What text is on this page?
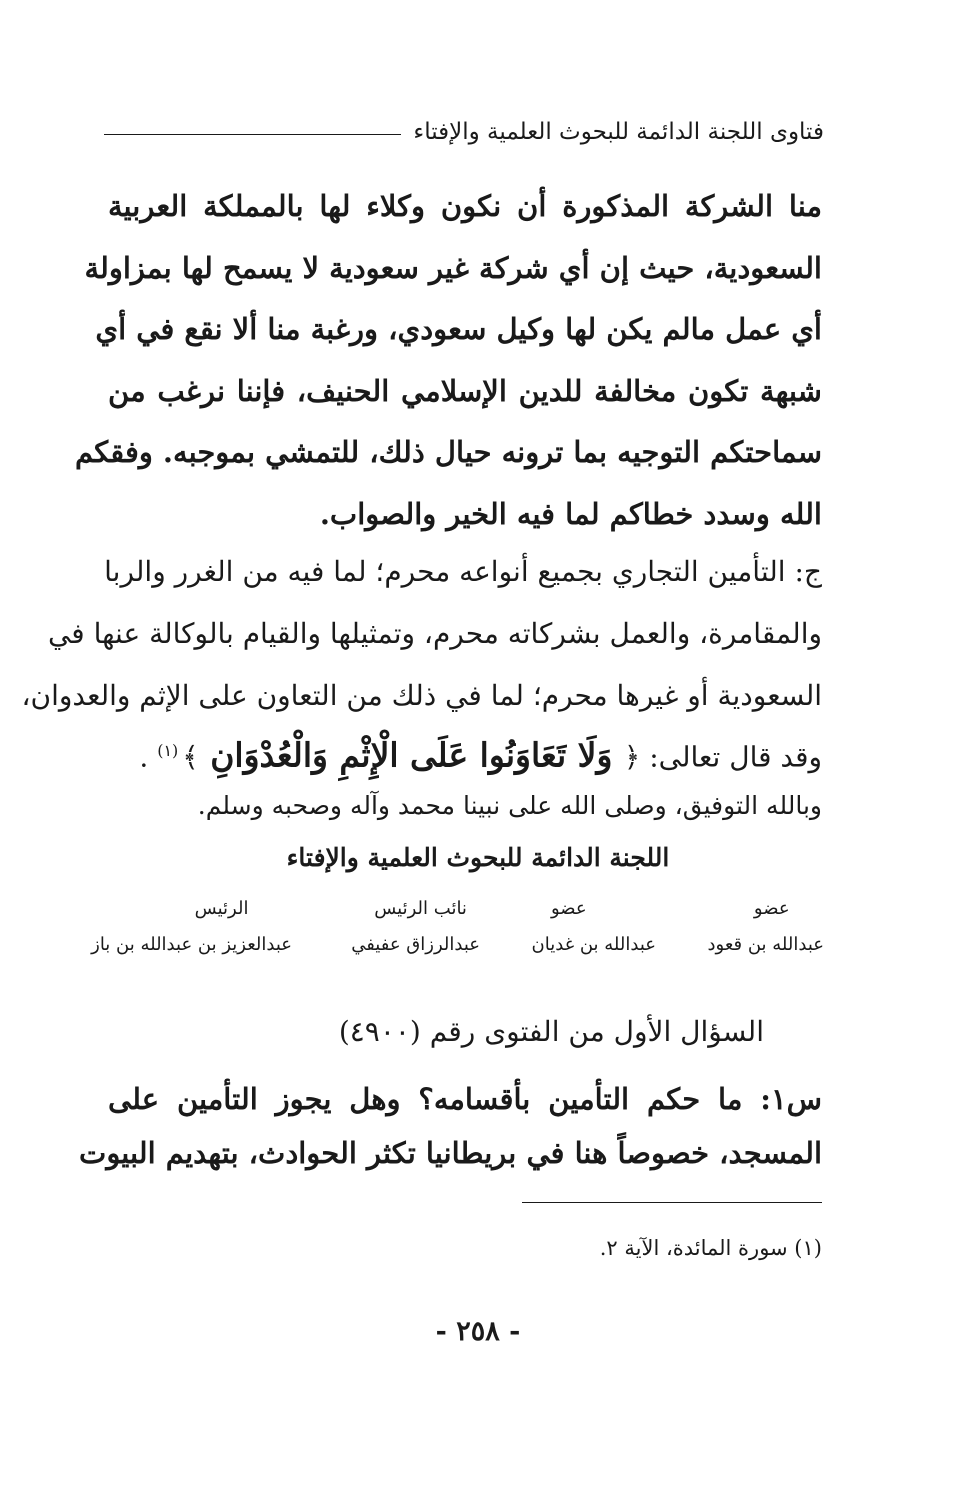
فتاوى اللجنة الدائمة للبحوث العلمية والإفتاء
منا الشركة المذكورة أن نكون وكلاء لها بالمملكة العربية
السعودية، حيث إن أي شركة غير سعودية لا يسمح لها بمزاولة
أي عمل مالم يكن لها وكيل سعودي، ورغبة منا ألا نقع في أي
شبهة تكون مخالفة للدين الإسلامي الحنيف، فإننا نرغب من
سماحتكم التوجيه بما ترونه حيال ذلك، للتمشي بموجبه. وفقكم
الله وسدد خطاكم لما فيه الخير والصواب.
ج: التأمين التجاري بجميع أنواعه محرم؛ لما فيه من الغرر والربا
والمقامرة، والعمل بشركاته محرم، وتمثيلها والقيام بالوكالة عنها في
السعودية أو غيرها محرم؛ لما في ذلك من التعاون على الإثم والعدوان،
وقد قال تعالى: ﴿ وَلَا تَعَاوَنُوا عَلَى الْإِثْمِ وَالْعُدْوَانِ ﴾$^{(١)}$ .
وبالله التوفيق، وصلى الله على نبينا محمد وآله وصحبه وسلم.
اللجنة الدائمة للبحوث العلمية والإفتاء
عضو
عبدالله بن قعود
عضو
عبدالله بن غديان
نائب الرئيس
عبدالرزاق عفيفي
الرئيس
عبدالعزيز بن عبدالله بن باز
السؤال الأول من الفتوى رقم (٤٩٠٠)
س١: ما حكم التأمين بأقسامه؟ وهل يجوز التأمين على
المسجد، خصوصاً هنا في بريطانيا تكثر الحوادث، بتهديم البيوت
(١) سورة المائدة، الآية ٢.
- ٢٥٨ -
